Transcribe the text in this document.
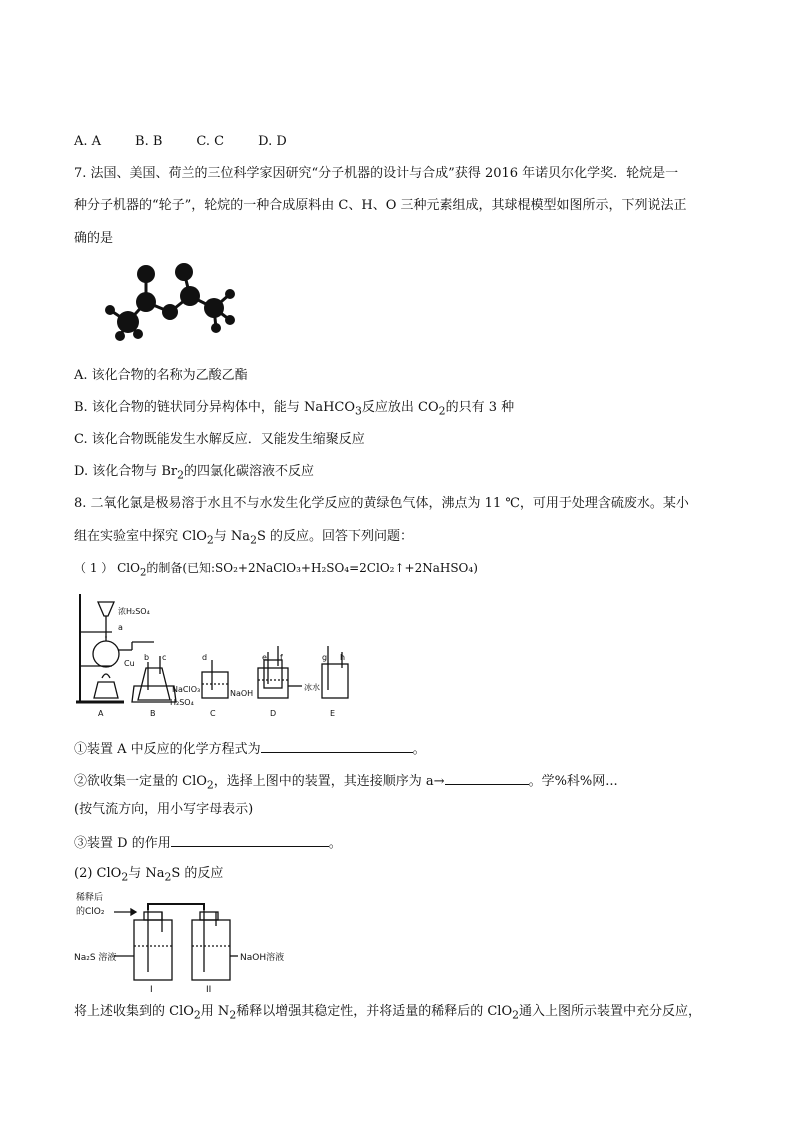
A. A	B. B	C. C	D. D
7. 法国、美国、荷兰的三位科学家因研究“分子机器的设计与合成”获得 2016 年诺贝尔化学奖．轮烷是一
种分子机器的“轮子”，轮烷的一种合成原料由 C、H、O 三种元素组成，其球棍模型如图所示，下列说法正
确的是
A. 该化合物的名称为乙酸乙酯
B. 该化合物的链状同分异构体中，能与 NaHCO$_3$反应放出 $CO_2$的只有 3 种
C. 该化合物既能发生水解反应．又能发生缩聚反应
D. 该化合物与 $Br_2$的四氯化碳溶液不反应
8. 二氧化氯是极易溶于水且不与水发生化学反应的黄绿色气体，沸点为 11 ℃，可用于处理含硫废水。某小
组在实验室中探究 ClO$_2$与 $Na_2S$ 的反应。回答下列问题：
（ 1 ） ClO$_2$的制备(已知:SO₂+2NaClO₃+H₂SO₄=2ClO₂↑+2NaHSO₄)
浓H₂SO₄
a
Cu
b c	d	e f	g h
NaClO₃
H₂SO₄
NaOH
冰水
A	B	C	D	E
①装置 A 中反应的化学方程式为	。
②欲收集一定量的 ClO$_2$，选择上图中的装置，其连接顺序为 a→	。学%科%网...
(按气流方向，用小写字母表示)
③装置 D 的作用	。
(2) ClO$_2$与 $Na_2S$ 的反应
稀释后
的ClO₂
Na₂S 溶液	NaOH溶液
I	II
将上述收集到的 ClO$_2$用 $N_2$稀释以增强其稳定性，并将适量的稀释后的 ClO$_2$通入上图所示装置中充分反应，
